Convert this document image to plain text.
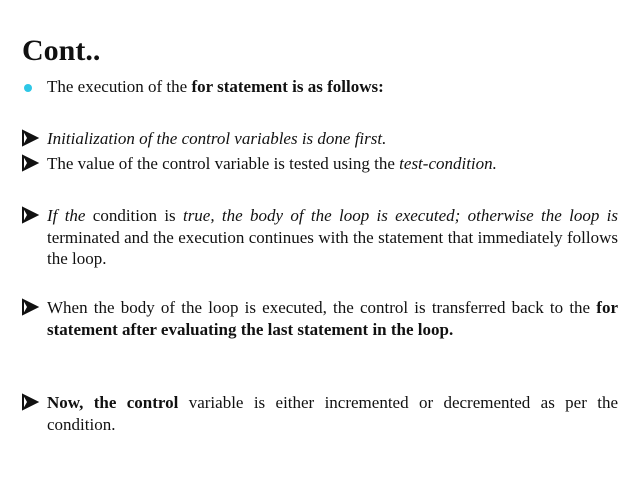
Cont..
The execution of the for statement is as follows:
Initialization of the control variables is done first.
The value of the control variable is tested using the test-condition.
If the condition is true, the body of the loop is executed; otherwise the loop is terminated and the execution continues with the statement that immediately follows the loop.
When the body of the loop is executed, the control is transferred back to the for statement after evaluating the last statement in the loop.
Now, the control variable is either incremented or decremented as per the condition.
